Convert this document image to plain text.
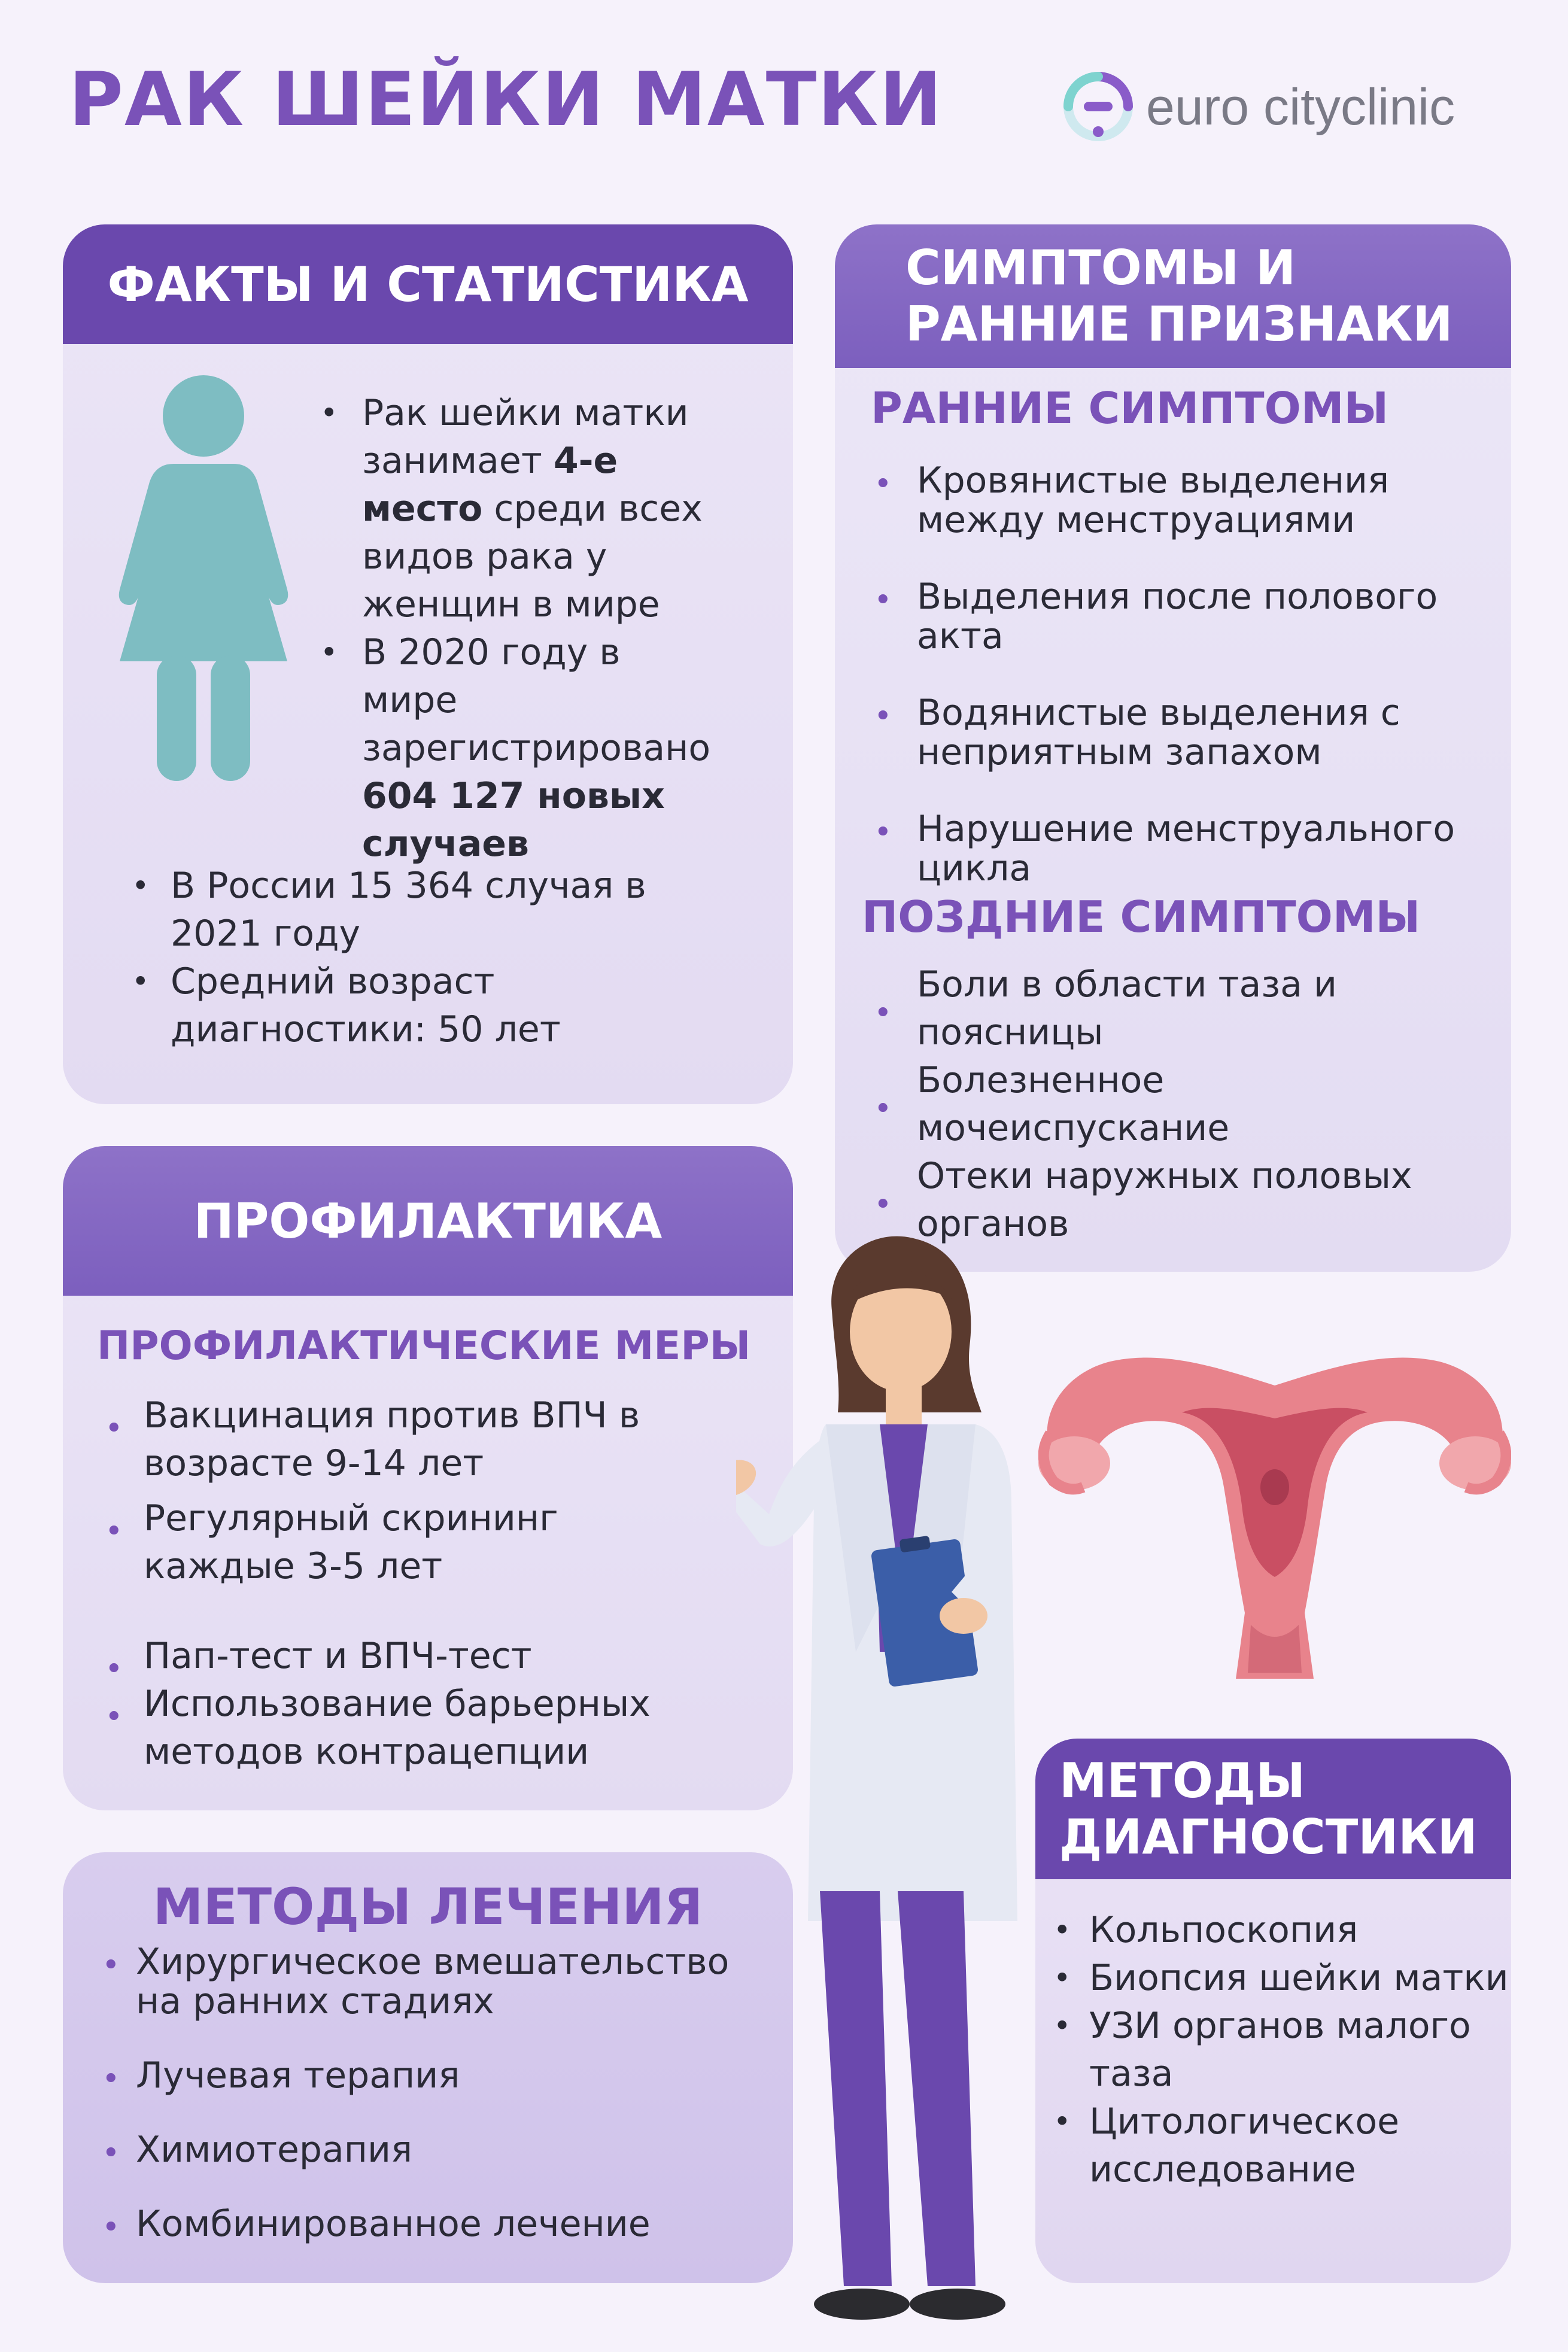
РАК ШЕЙКИ МАТКИ	euro cityclinic
ФАКТЫ И СТАТИСТИКА
• Рак шейки матки занимает 4-е место среди всех видов рака у женщин в мире
• В 2020 году в мире зарегистрировано 604 127 новых случаев
• В России 15 364 случая в 2021 году
• Средний возраст диагностики: 50 лет
СИМПТОМЫ И
РАННИЕ ПРИЗНАКИ
РАННИЕ СИМПТОМЫ
• Кровянистые выделения между менструациями
• Выделения после полового акта
• Водянистые выделения с неприятным запахом
• Нарушение менструального цикла
ПОЗДНИЕ СИМПТОМЫ
• Боли в области таза и поясницы
• Болезненное мочеиспускание
• Отеки наружных половых органов
ПРОФИЛАКТИКА
ПРОФИЛАКТИЧЕСКИЕ МЕРЫ
• Вакцинация против ВПЧ в возрасте 9-14 лет
• Регулярный скрининг каждые 3-5 лет
• Пап-тест и ВПЧ-тест
• Использование барьерных методов контрацепции
МЕТОДЫ ЛЕЧЕНИЯ
• Хирургическое вмешательство на ранних стадиях
• Лучевая терапия
• Химиотерапия
• Комбинированное лечение
МЕТОДЫ
ДИАГНОСТИКИ
• Кольпоскопия
• Биопсия шейки матки
• УЗИ органов малого таза
• Цитологическое исследование
